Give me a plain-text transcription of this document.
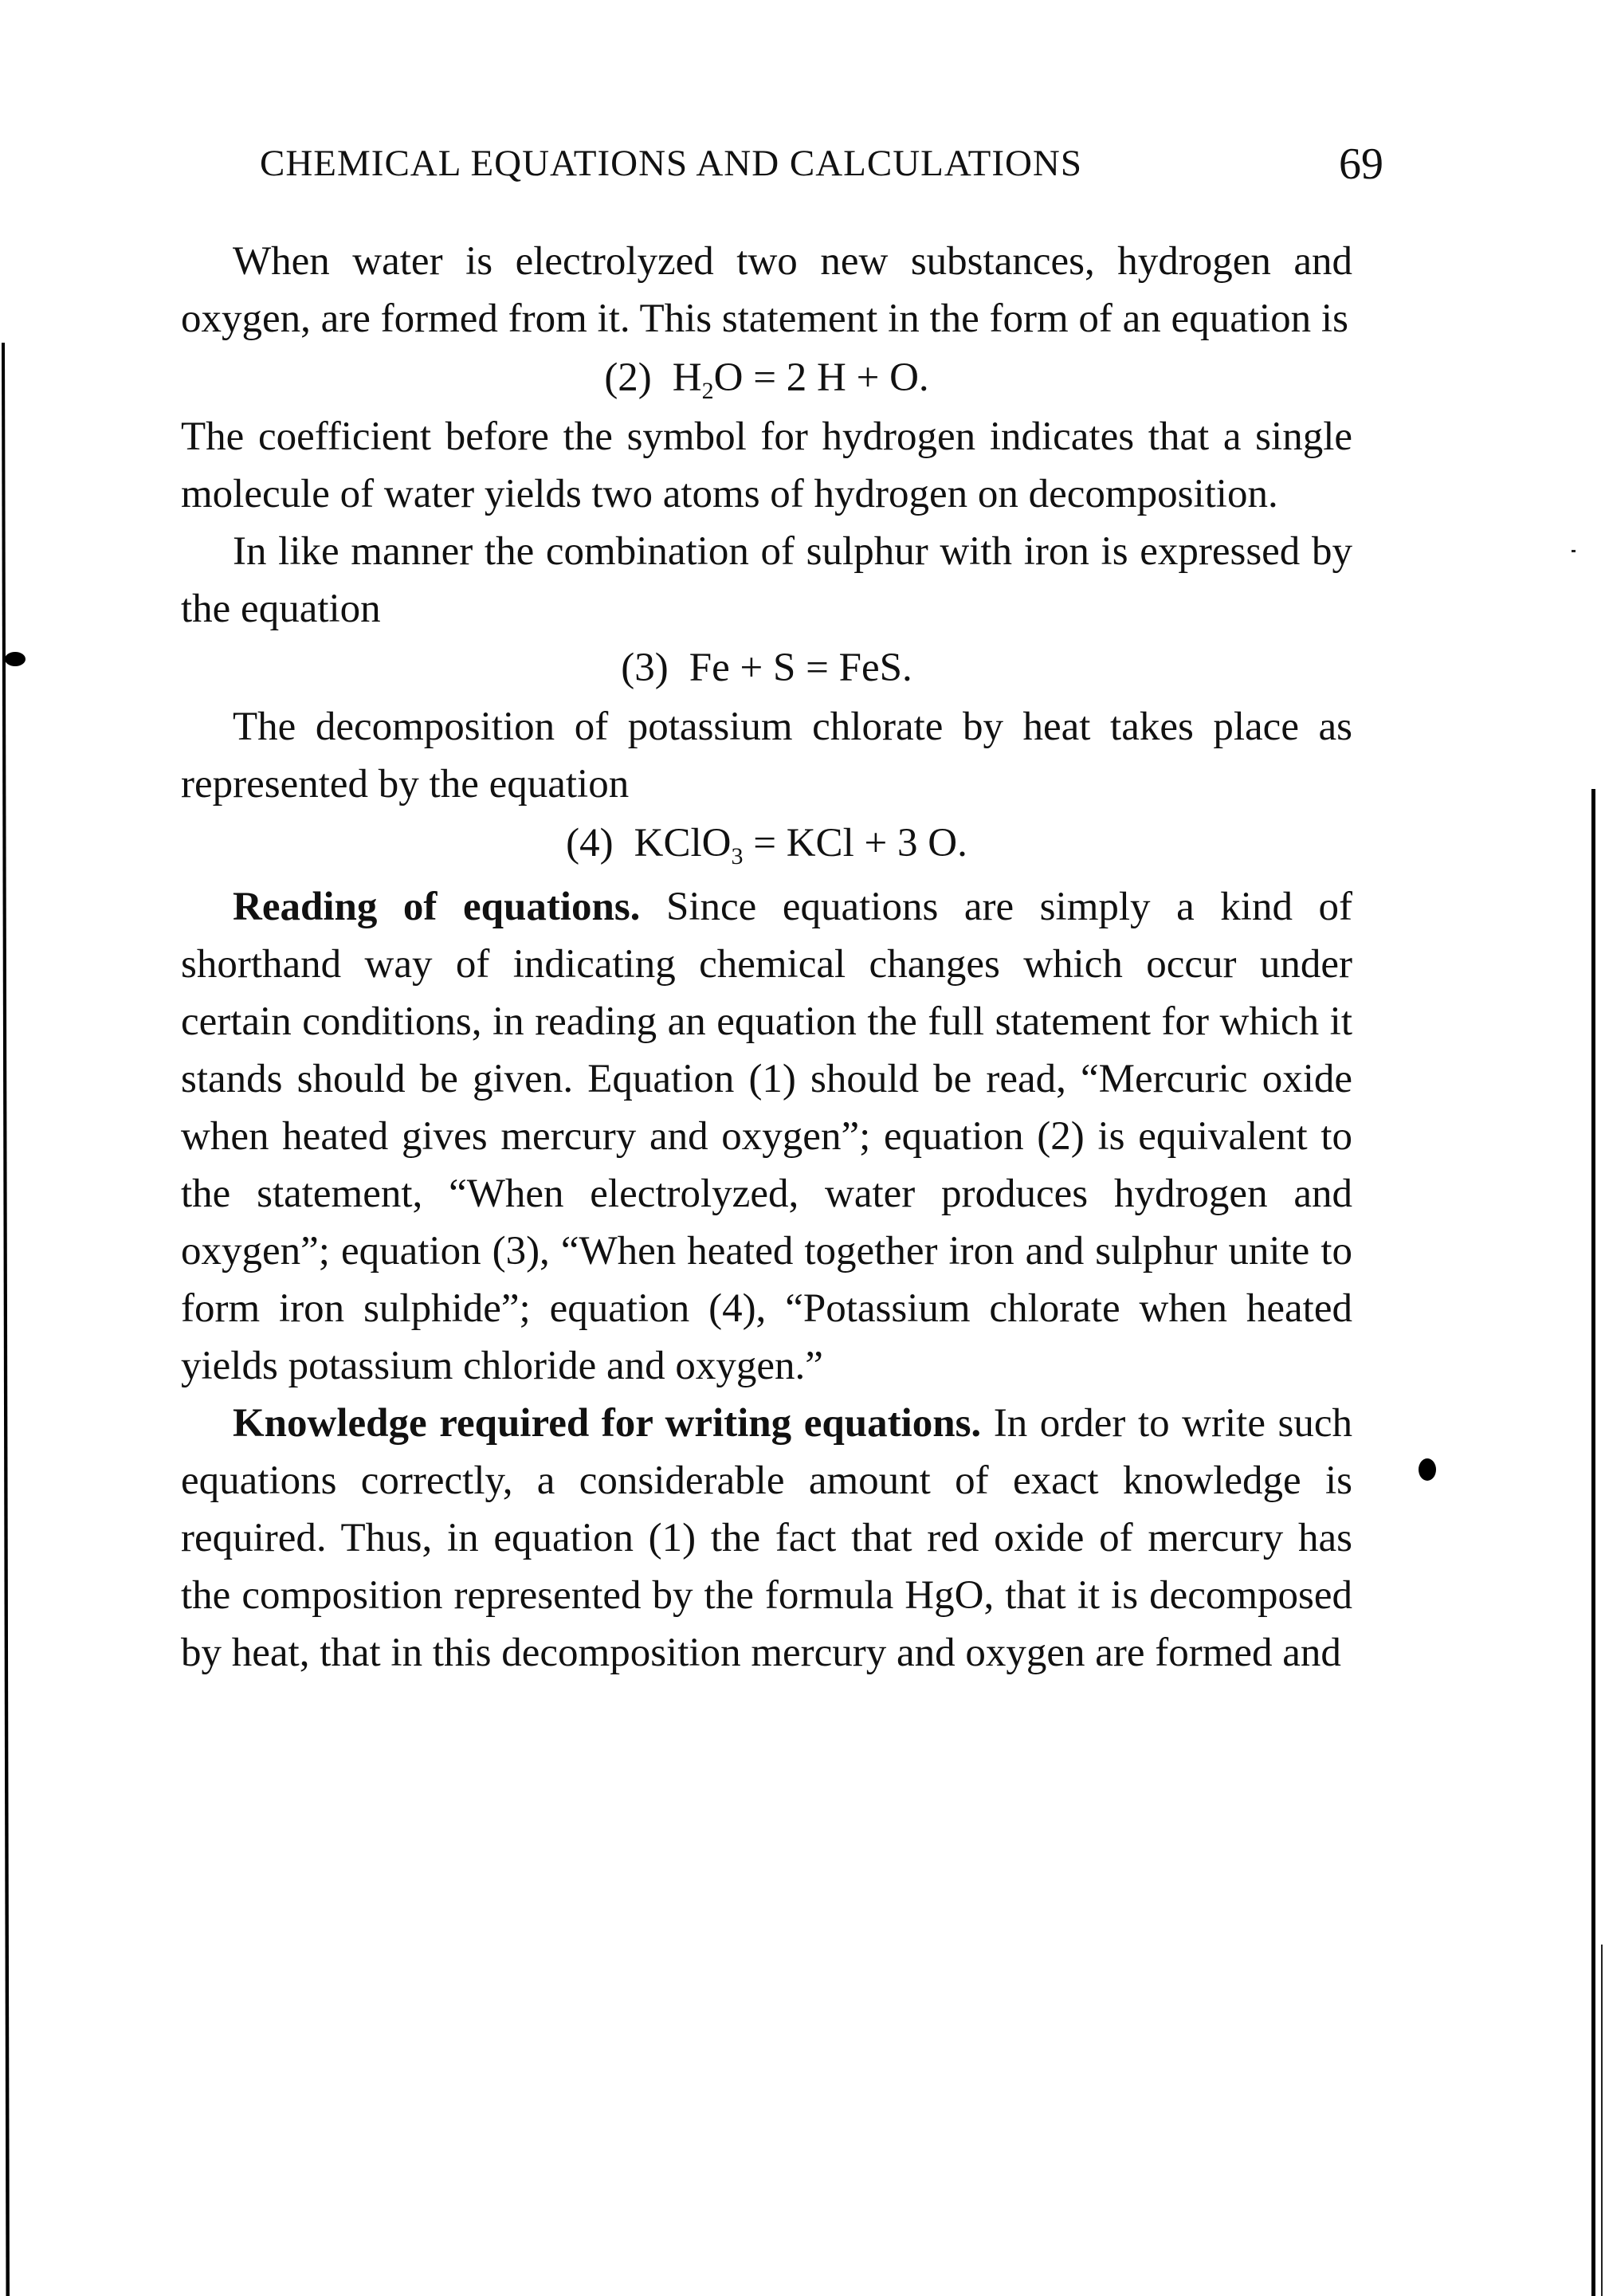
CHEMICAL EQUATIONS AND CALCULATIONS	69

When water is electrolyzed two new substances, hydrogen and oxygen, are formed from it. This statement in the form of an equation is

(2) $H_2O = 2$ H + O.

The coefficient before the symbol for hydrogen indicates that a single molecule of water yields two atoms of hydrogen on decomposition.

In like manner the combination of sulphur with iron is expressed by the equation

(3) Fe + S = FeS.

The decomposition of potassium chlorate by heat takes place as represented by the equation

(4) KClO$_3$ = KCl + 3 O.

Reading of equations. Since equations are simply a kind of shorthand way of indicating chemical changes which occur under certain conditions, in reading an equation the full statement for which it stands should be given. Equation (1) should be read, “Mercuric oxide when heated gives mercury and oxygen”; equation (2) is equivalent to the statement, “When electrolyzed, water produces hydrogen and oxygen”; equation (3), “When heated together iron and sulphur unite to form iron sulphide”; equation (4), “Potassium chlorate when heated yields potassium chloride and oxygen.”

Knowledge required for writing equations. In order to write such equations correctly, a considerable amount of exact knowledge is required. Thus, in equation (1) the fact that red oxide of mercury has the composition represented by the formula HgO, that it is decomposed by heat, that in this decomposition mercury and oxygen are formed and
